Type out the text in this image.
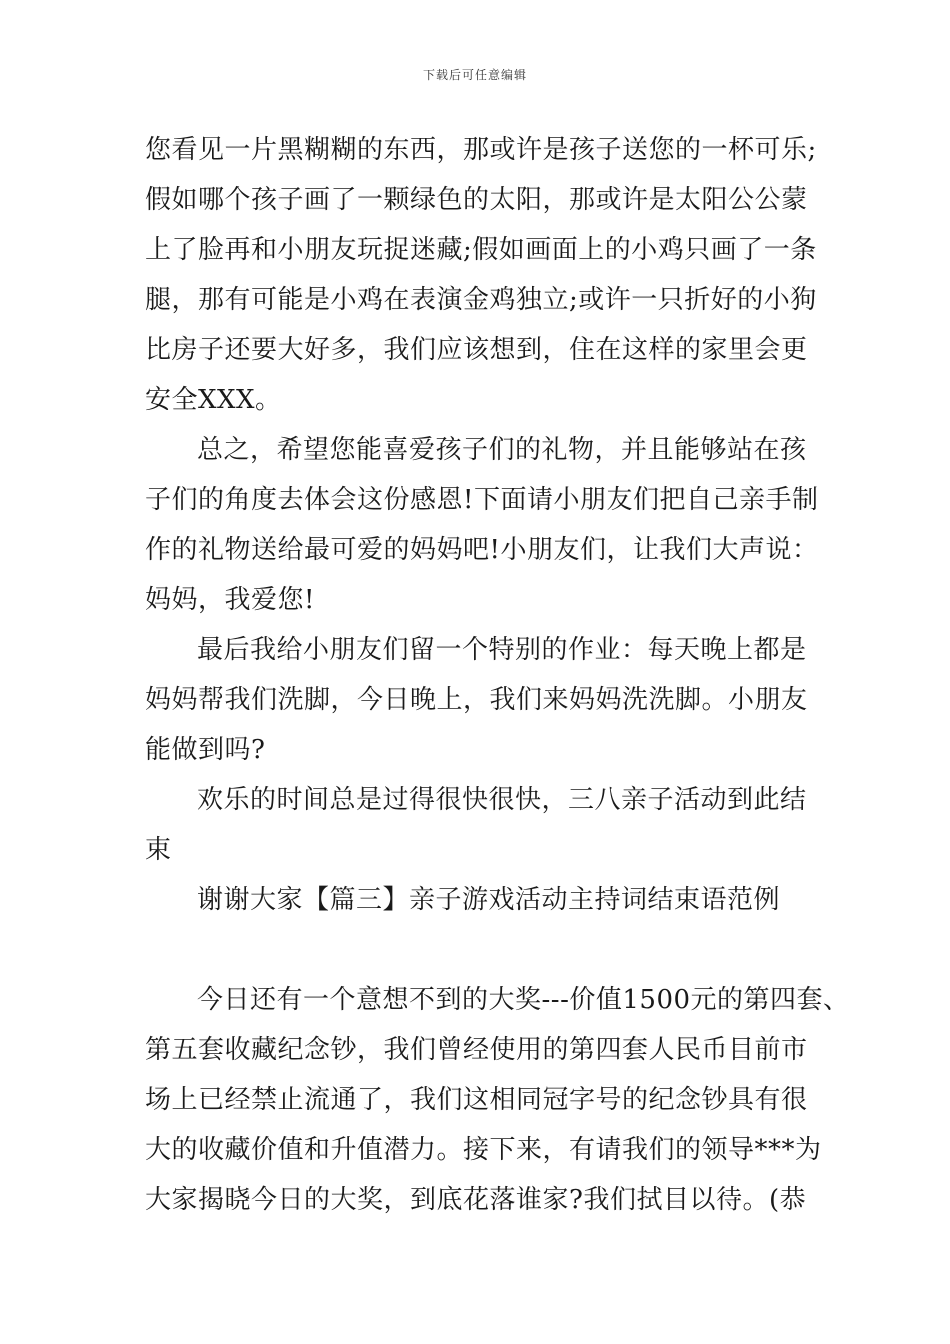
下载后可任意编辑
您看见一片黑糊糊的东西，那或许是孩子送您的一杯可乐;
假如哪个孩子画了一颗绿色的太阳，那或许是太阳公公蒙
上了脸再和小朋友玩捉迷藏;假如画面上的小鸡只画了一条
腿，那有可能是小鸡在表演金鸡独立;或许一只折好的小狗
比房子还要大好多，我们应该想到，住在这样的家里会更
安全XXX。
总之，希望您能喜爱孩子们的礼物，并且能够站在孩
子们的角度去体会这份感恩!下面请小朋友们把自己亲手制
作的礼物送给最可爱的妈妈吧!小朋友们，让我们大声说：
妈妈，我爱您!
最后我给小朋友们留一个特别的作业：每天晚上都是
妈妈帮我们洗脚，今日晚上，我们来妈妈洗洗脚。小朋友
能做到吗?
欢乐的时间总是过得很快很快，三八亲子活动到此结
束
谢谢大家【篇三】亲子游戏活动主持词结束语范例
今日还有一个意想不到的大奖---价值1500元的第四套、
第五套收藏纪念钞，我们曾经使用的第四套人民币目前市
场上已经禁止流通了，我们这相同冠字号的纪念钞具有很
大的收藏价值和升值潜力。接下来，有请我们的领导***为
大家揭晓今日的大奖，到底花落谁家?我们拭目以待。(恭
